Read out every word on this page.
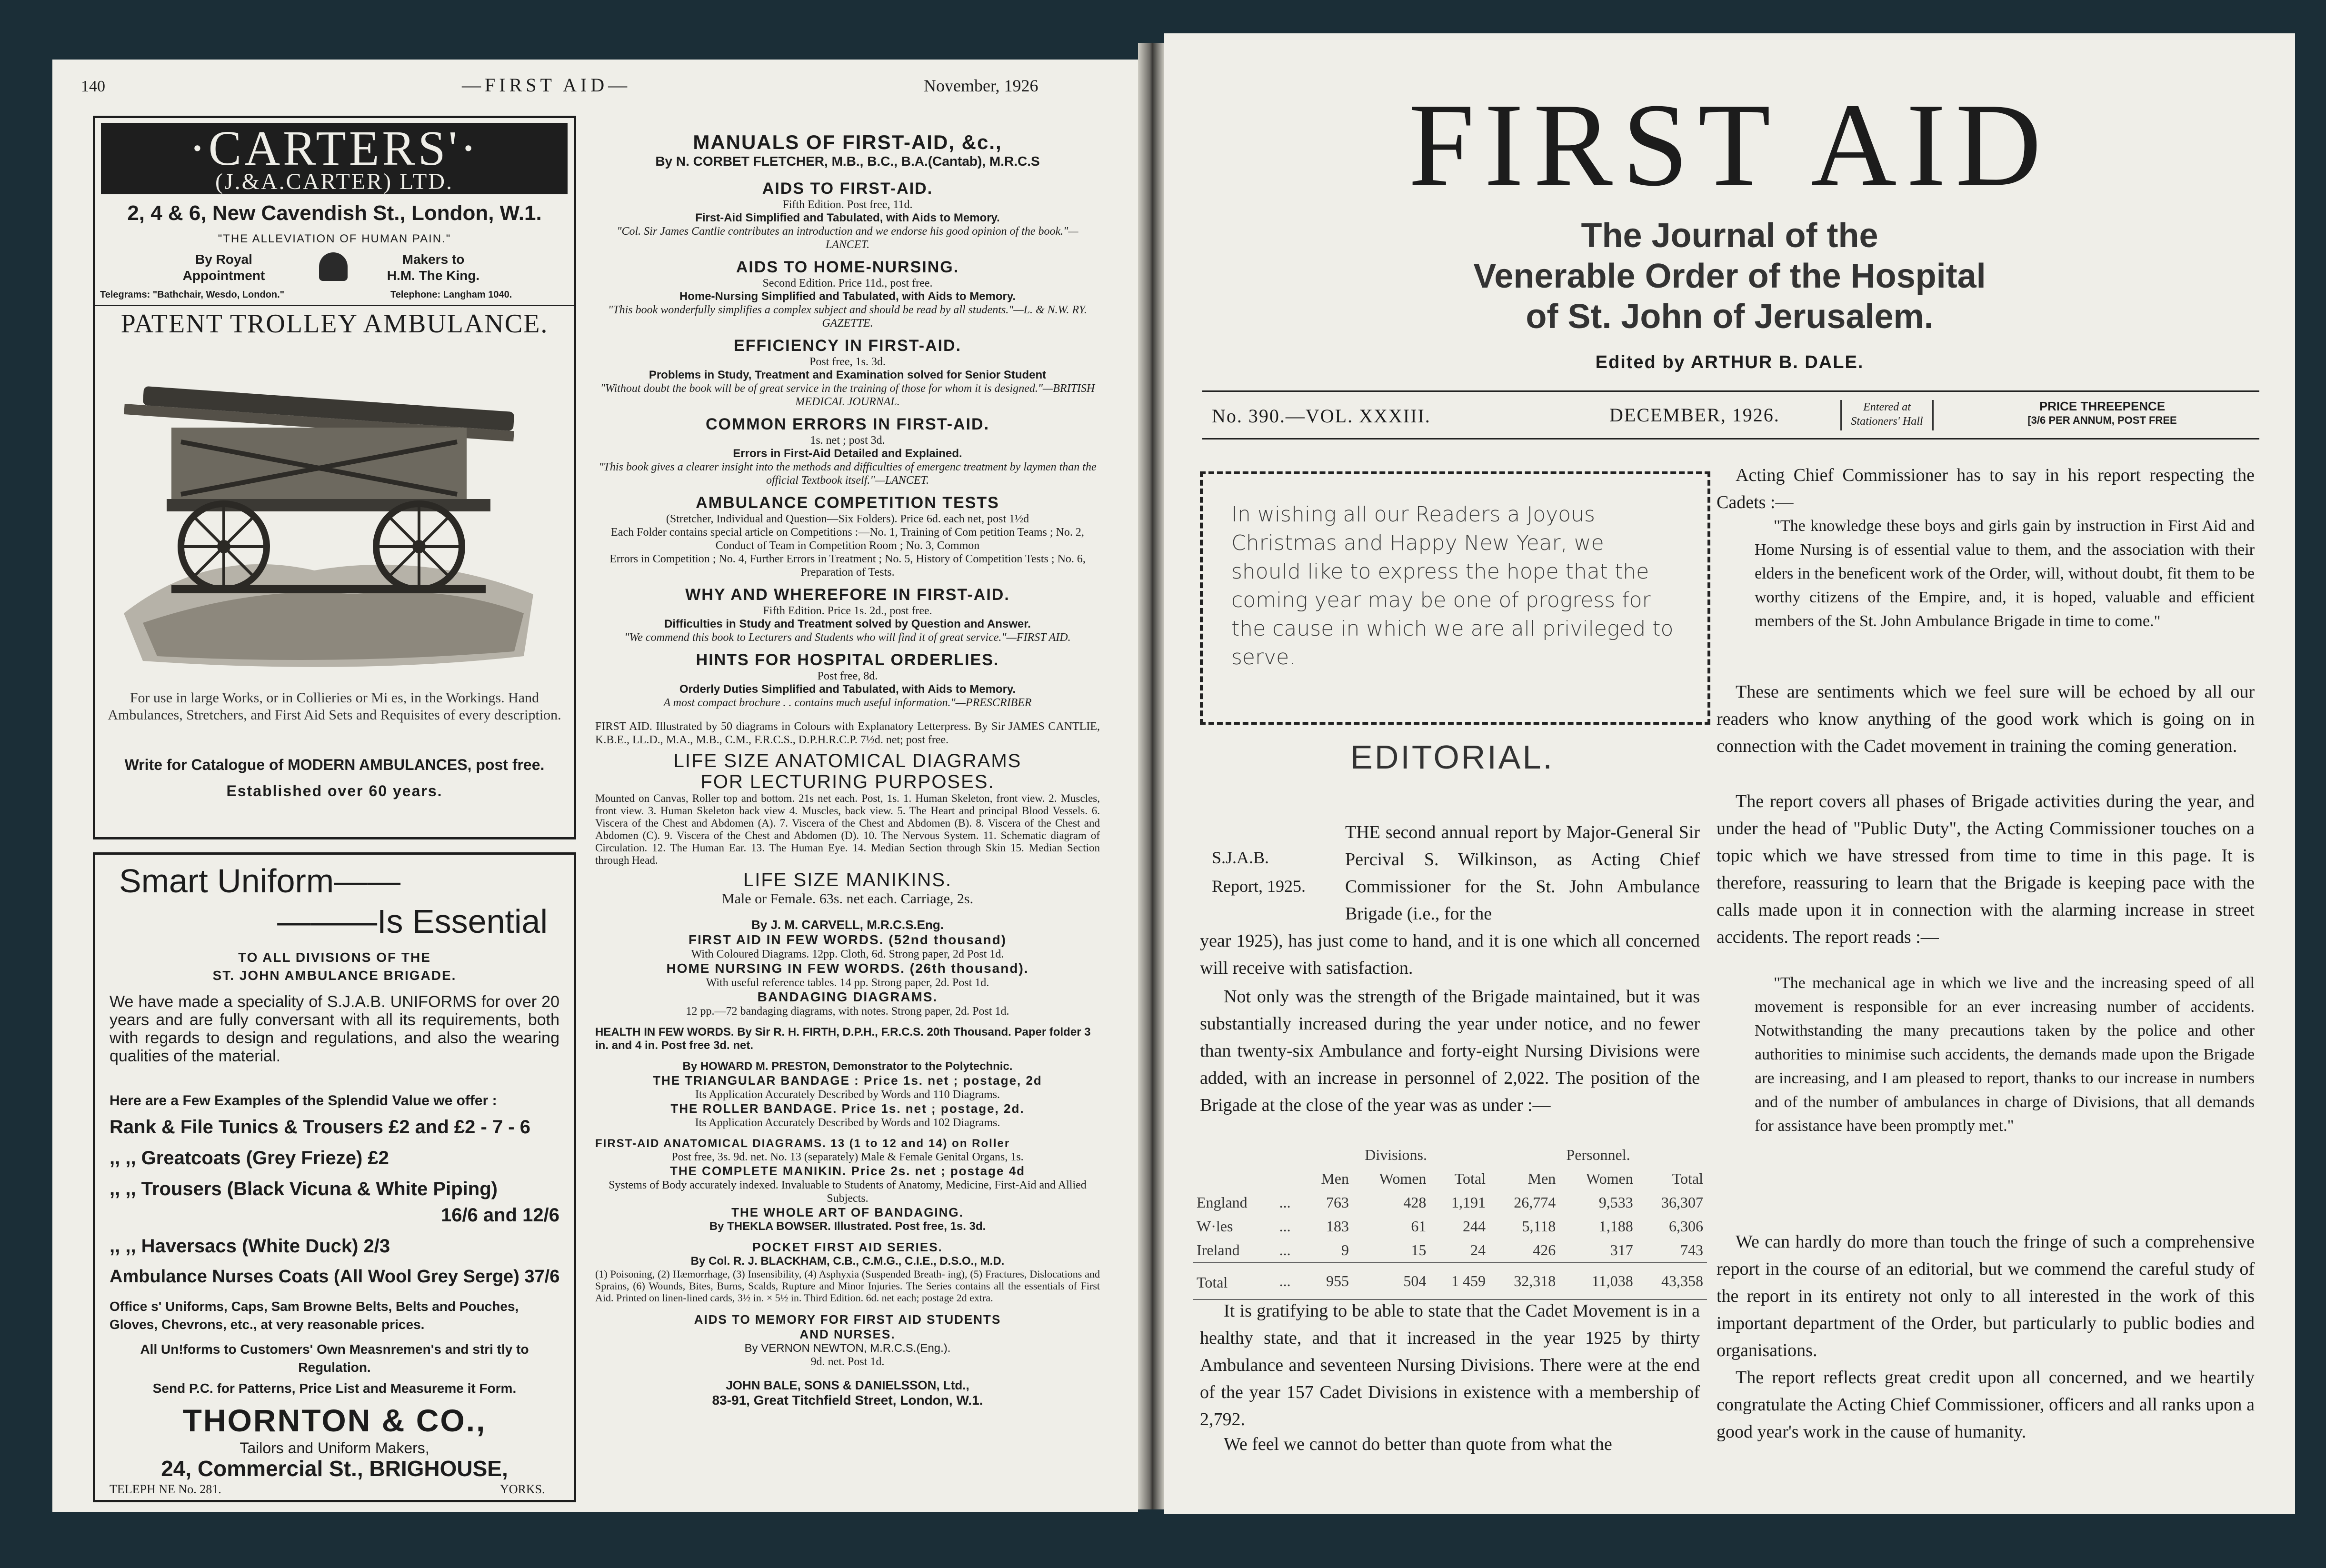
140	—FIRST AID—	November, 1926
·CARTERS'·
(J.&A.CARTER) LTD.
2, 4 & 6, New Cavendish St., London, W.1.
"THE ALLEVIATION OF HUMAN PAIN."
By Royal
Appointment
Makers to
H.M. The King.
Telegrams: "Bathchair, Wesdo, London."	Telephone: Langham 1040.
PATENT TROLLEY AMBULANCE.
For use in large Works, or in Collieries or Mi es, in the Workings. Hand Ambulances, Stretchers, and First Aid Sets and Requisites of every description.
Write for Catalogue of MODERN AMBULANCES, post free.
Established over 60 years.
Smart Uniform——
———Is Essential
TO ALL DIVISIONS OF THE
ST. JOHN AMBULANCE BRIGADE.
We have made a speciality of S.J.A.B. UNIFORMS for over 20 years and are fully conversant with all its requirements, both with regards to design and regulations, and also the wearing qualities of the material.
Here are a Few Examples of the Splendid Value we offer :
Rank & File Tunics & Trousers £2 and £2 - 7 - 6
,, ,, Greatcoats (Grey Frieze) £2
,, ,, Trousers (Black Vicuna & White Piping)
16/6 and 12/6
,, ,, Haversacs (White Duck) 2/3
Ambulance Nurses Coats (All Wool Grey Serge) 37/6
Office s' Uniforms, Caps, Sam Browne Belts, Belts and Pouches, Gloves, Chevrons, etc., at very reasonable prices.
All Un!forms to Customers' Own Measnremen's and stri tly to Regulation.
Send P.C. for Patterns, Price List and Measureme it Form.
THORNTON & CO.,
Tailors and Uniform Makers,
24, Commercial St., BRIGHOUSE,
TELEPH NE No. 281.	YORKS.
MANUALS OF FIRST-AID, &c.,
By N. CORBET FLETCHER, M.B., B.C., B.A.(Cantab), M.R.C.S
AIDS TO FIRST-AID.
Fifth Edition. Post free, 11d.
First-Aid Simplified and Tabulated, with Aids to Memory.
"Col. Sir James Cantlie contributes an introduction and we endorse his good opinion of the book."—LANCET.
AIDS TO HOME-NURSING.
Second Edition. Price 11d., post free.
Home-Nursing Simplified and Tabulated, with Aids to Memory.
"This book wonderfully simplifies a complex subject and should be read by all students."—L. & N.W. RY. GAZETTE.
EFFICIENCY IN FIRST-AID.
Post free, 1s. 3d.
Problems in Study, Treatment and Examination solved for Senior Student
"Without doubt the book will be of great service in the training of those for whom it is designed."—BRITISH MEDICAL JOURNAL.
COMMON ERRORS IN FIRST-AID.
1s. net ; post 3d.
Errors in First-Aid Detailed and Explained.
"This book gives a clearer insight into the methods and difficulties of emergenc treatment by laymen than the official Textbook itself."—LANCET.
AMBULANCE COMPETITION TESTS
(Stretcher, Individual and Question—Six Folders). Price 6d. each net, post 1½d
Each Folder contains special article on Competitions :—No. 1, Training of Com petition Teams ; No. 2, Conduct of Team in Competition Room ; No. 3, Common
Errors in Competition ; No. 4, Further Errors in Treatment ; No. 5, History of Competition Tests ; No. 6, Preparation of Tests.
WHY AND WHEREFORE IN FIRST-AID.
Fifth Edition. Price 1s. 2d., post free.
Difficulties in Study and Treatment solved by Question and Answer.
"We commend this book to Lecturers and Students who will find it of great service."—FIRST AID.
HINTS FOR HOSPITAL ORDERLIES.
Post free, 8d.
Orderly Duties Simplified and Tabulated, with Aids to Memory.
A most compact brochure . . contains much useful information."—PRESCRIBER
FIRST AID. Illustrated by 50 diagrams in Colours with Explanatory Letterpress. By Sir JAMES CANTLIE, K.B.E., LL.D., M.A., M.B., C.M., F.R.C.S., D.P.H.R.C.P. 7½d. net; post free.
LIFE SIZE ANATOMICAL DIAGRAMS
FOR LECTURING PURPOSES.
Mounted on Canvas, Roller top and bottom. 21s net each. Post, 1s. 1. Human Skeleton, front view. 2. Muscles, front view. 3. Human Skeleton back view 4. Muscles, back view. 5. The Heart and principal Blood Vessels. 6. Viscera of the Chest and Abdomen (A). 7. Viscera of the Chest and Abdomen (B). 8. Viscera of the Chest and Abdomen (C). 9. Viscera of the Chest and Abdomen (D). 10. The Nervous System. 11. Schematic diagram of Circulation. 12. The Human Ear. 13. The Human Eye. 14. Median Section through Skin 15. Median Section through Head.
LIFE SIZE MANIKINS.
Male or Female. 63s. net each. Carriage, 2s.
By J. M. CARVELL, M.R.C.S.Eng.
FIRST AID IN FEW WORDS. (52nd thousand)
With Coloured Diagrams. 12pp. Cloth, 6d. Strong paper, 2d Post 1d.
HOME NURSING IN FEW WORDS. (26th thousand).
With useful reference tables. 14 pp. Strong paper, 2d. Post 1d.
BANDAGING DIAGRAMS.
12 pp.—72 bandaging diagrams, with notes. Strong paper, 2d. Post 1d.
HEALTH IN FEW WORDS. By Sir R. H. FIRTH, D.P.H., F.R.C.S. 20th Thousand. Paper folder 3 in. and 4 in. Post free 3d. net.
By HOWARD M. PRESTON, Demonstrator to the Polytechnic.
THE TRIANGULAR BANDAGE : Price 1s. net ; postage, 2d
Its Application Accurately Described by Words and 110 Diagrams.
THE ROLLER BANDAGE. Price 1s. net ; postage, 2d.
Its Application Accurately Described by Words and 102 Diagrams.
FIRST-AID ANATOMICAL DIAGRAMS. 13 (1 to 12 and 14) on Roller
Post free, 3s. 9d. net. No. 13 (separately) Male & Female Genital Organs, 1s.
THE COMPLETE MANIKIN. Price 2s. net ; postage 4d
Systems of Body accurately indexed. Invaluable to Students of Anatomy, Medicine, First-Aid and Allied Subjects.
THE WHOLE ART OF BANDAGING.
By THEKLA BOWSER. Illustrated. Post free, 1s. 3d.
POCKET FIRST AID SERIES.
By Col. R. J. BLACKHAM, C.B., C.M.G., C.I.E., D.S.O., M.D.
(1) Poisoning, (2) Hæmorrhage, (3) Insensibility, (4) Asphyxia (Suspended Breath- ing), (5) Fractures, Dislocations and Sprains, (6) Wounds, Bites, Burns, Scalds, Rupture and Minor Injuries. The Series contains all the essentials of First Aid. Printed on linen-lined cards, 3½ in. × 5½ in. Third Edition. 6d. net each; postage 2d extra.
AIDS TO MEMORY FOR FIRST AID STUDENTS
AND NURSES.
By VERNON NEWTON, M.R.C.S.(Eng.).
9d. net. Post 1d.
JOHN BALE, SONS & DANIELSSON, Ltd.,
83-91, Great Titchfield Street, London, W.1.
FIRST AID
The Journal of the
Venerable Order of the Hospital
of St. John of Jerusalem.
Edited by ARTHUR B. DALE.
No. 390.—VOL. XXXIII.	DECEMBER, 1926.	Entered at
Stationers' Hall
PRICE THREEPENCE
[3/6 PER ANNUM, POST FREE
In wishing all our Readers a Joyous Christmas and Happy New Year, we should like to express the hope that the coming year may be one of progress for the cause in which we are all privileged to serve.
EDITORIAL.
S.J.A.B.
Report, 1925.
THE second annual report by Major-General Sir Percival S. Wilkinson, as Acting Chief Commissioner for the St. John Ambulance Brigade (i.e., for the
year 1925), has just come to hand, and it is one which all concerned will receive with satisfaction.
Not only was the strength of the Brigade maintained, but it was substantially increased during the year under notice, and no fewer than twenty-six Ambulance and forty-eight Nursing Divisions were added, with an increase in personnel of 2,022. The position of the Brigade at the close of the year was as under :—
		Divisions.			Personnel.		
		Men	Women	Total	Men	Women	Total
England	...	763	428	1,191	26,774	9,533	36,307
W·les	...	183	61	244	5,118	1,188	6,306
Ireland	...	9	15	24	426	317	743
Total	...	955	504	1 459	32,318	11,038	43,358
It is gratifying to be able to state that the Cadet Movement is in a healthy state, and that it increased in the year 1925 by thirty Ambulance and seventeen Nursing Divisions. There were at the end of the year 157 Cadet Divisions in existence with a membership of 2,792.
We feel we cannot do better than quote from what the
Acting Chief Commissioner has to say in his report respecting the Cadets :—
"The knowledge these boys and girls gain by instruction in First Aid and Home Nursing is of essential value to them, and the association with their elders in the beneficent work of the Order, will, without doubt, fit them to be worthy citizens of the Empire, and, it is hoped, valuable and efficient members of the St. John Ambulance Brigade in time to come."
These are sentiments which we feel sure will be echoed by all our readers who know anything of the good work which is going on in connection with the Cadet movement in training the coming generation.
The report covers all phases of Brigade activities during the year, and under the head of "Public Duty", the Acting Commissioner touches on a topic which we have stressed from time to time in this page. It is therefore, reassuring to learn that the Brigade is keeping pace with the calls made upon it in connection with the alarming increase in street accidents. The report reads :—
"The mechanical age in which we live and the increasing speed of all movement is responsible for an ever increasing number of accidents. Notwithstanding the many precautions taken by the police and other authorities to minimise such accidents, the demands made upon the Brigade are increasing, and I am pleased to report, thanks to our increase in numbers and of the number of ambulances in charge of Divisions, that all demands for assistance have been promptly met."
We can hardly do more than touch the fringe of such a comprehensive report in the course of an editorial, but we commend the careful study of the report in its entirety not only to all interested in the work of this important department of the Order, but particularly to public bodies and organisations.
The report reflects great credit upon all concerned, and we heartily congratulate the Acting Chief Commissioner, officers and all ranks upon a good year's work in the cause of humanity.
